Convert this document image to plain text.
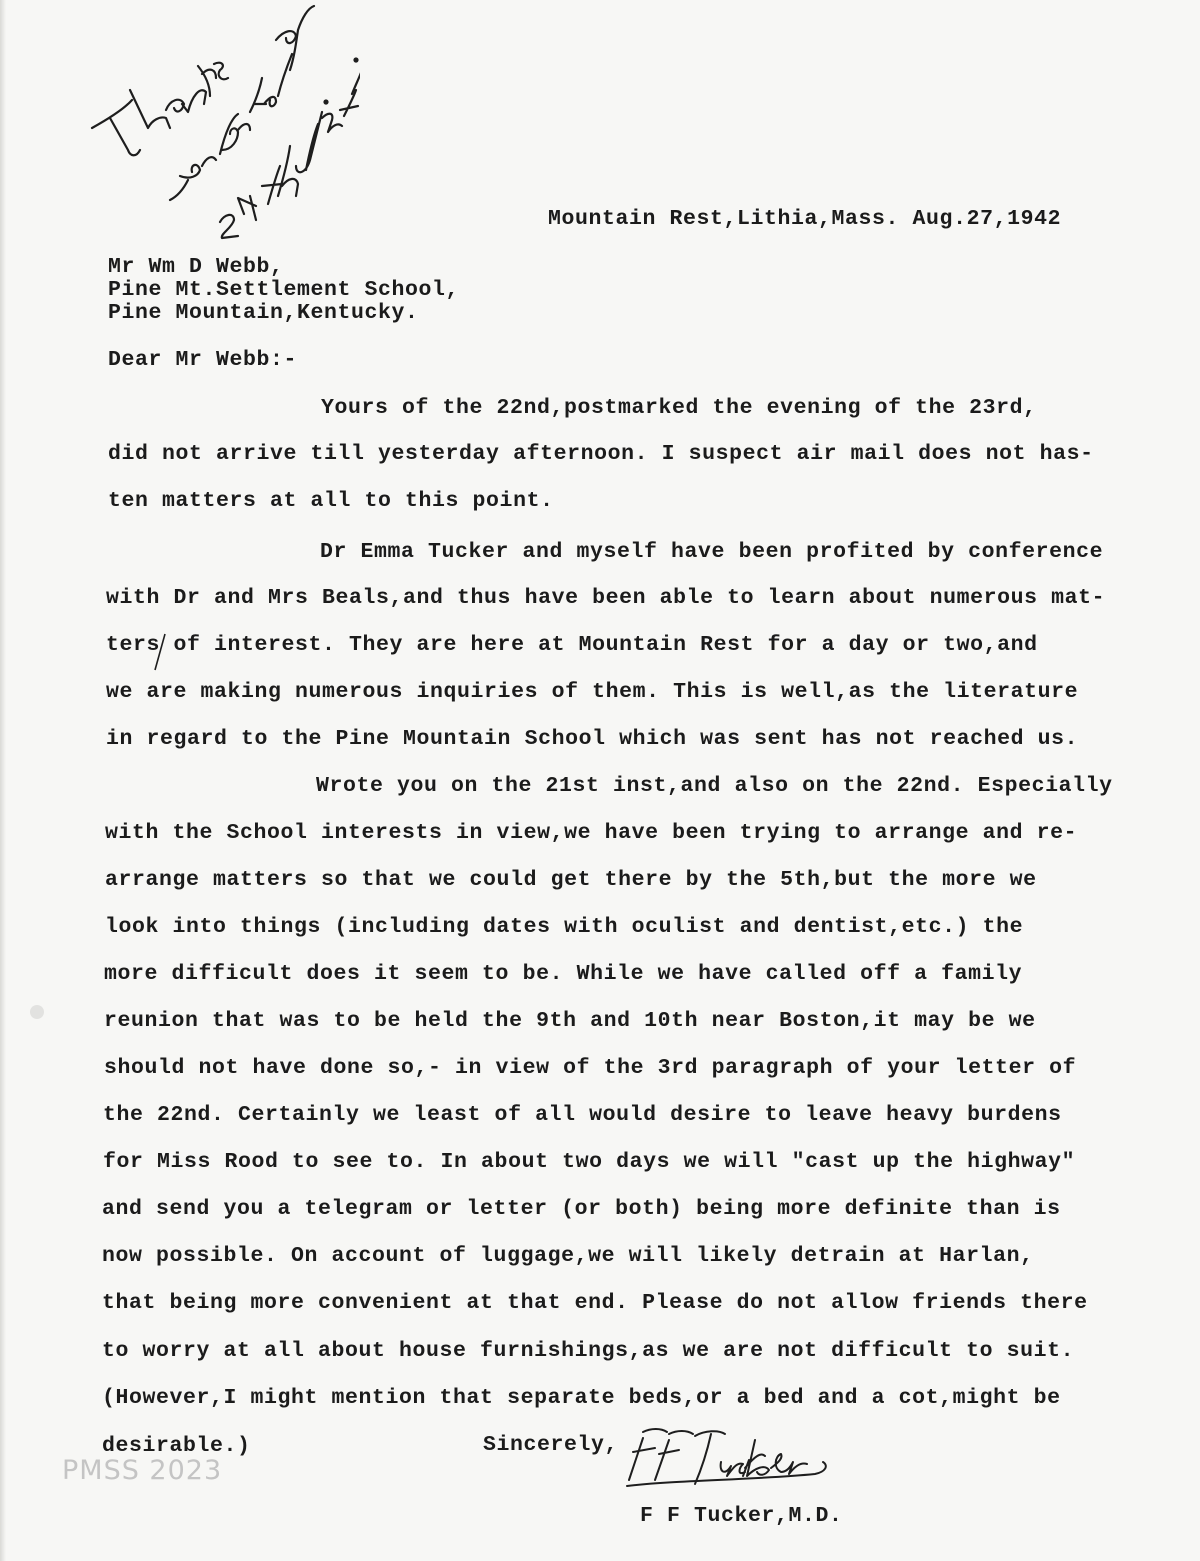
Mountain Rest,Lithia,Mass. Aug.27,1942
Mr Wm D Webb,
Pine Mt.Settlement School,
Pine Mountain,Kentucky.
Dear Mr Webb:-
Yours of the 22nd,postmarked the evening of the 23rd,
did not arrive till yesterday afternoon. I suspect air mail does not has-
ten matters at all to this point.
Dr Emma Tucker and myself have been profited by conference
with Dr and Mrs Beals,and thus have been able to learn about numerous mat-
ters of interest. They are here at Mountain Rest for a day or two,and
we are making numerous inquiries of them. This is well,as the literature
in regard to the Pine Mountain School which was sent has not reached us.
Wrote you on the 21st inst,and also on the 22nd. Especially
with the School interests in view,we have been trying to arrange and re-
arrange matters so that we could get there by the 5th,but the more we
look into things (including dates with oculist and dentist,etc.) the
more difficult does it seem to be. While we have called off a family
reunion that was to be held the 9th and 10th near Boston,it may be we
should not have done so,- in view of the 3rd paragraph of your letter of
the 22nd. Certainly we least of all would desire to leave heavy burdens
for Miss Rood to see to. In about two days we will "cast up the highway"
and send you a telegram or letter (or both) being more definite than is
now possible. On account of luggage,we will likely detrain at Harlan,
that being more convenient at that end. Please do not allow friends there
to worry at all about house furnishings,as we are not difficult to suit.
(However,I might mention that separate beds,or a bed and a cot,might be
desirable.)	Sincerely,
F F Tucker,M.D.
PMSS 2023
